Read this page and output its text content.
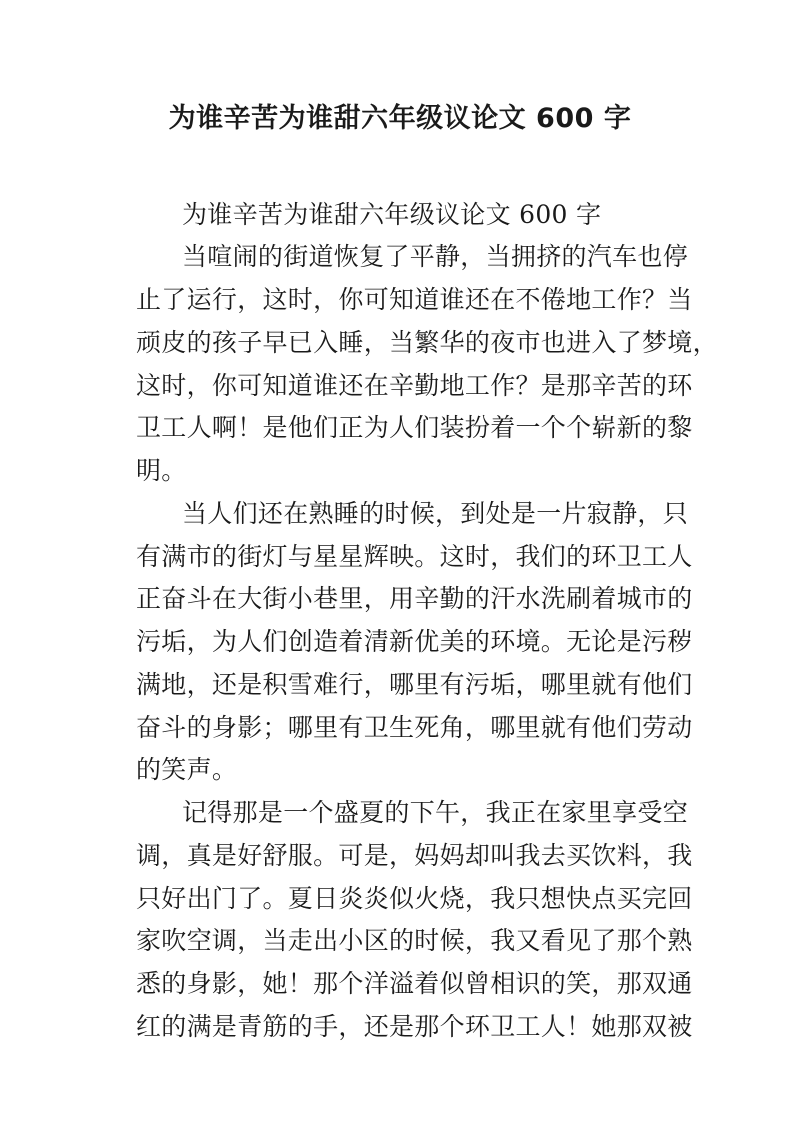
为谁辛苦为谁甜六年级议论文 600 字
为谁辛苦为谁甜六年级议论文 600 字
当喧闹的街道恢复了平静，当拥挤的汽车也停
止了运行，这时，你可知道谁还在不倦地工作？当
顽皮的孩子早已入睡，当繁华的夜市也进入了梦境，
这时，你可知道谁还在辛勤地工作？是那辛苦的环
卫工人啊！是他们正为人们装扮着一个个崭新的黎
明。
当人们还在熟睡的时候，到处是一片寂静，只
有满市的街灯与星星辉映。这时，我们的环卫工人
正奋斗在大街小巷里，用辛勤的汗水洗刷着城市的
污垢，为人们创造着清新优美的环境。无论是污秽
满地，还是积雪难行，哪里有污垢，哪里就有他们
奋斗的身影；哪里有卫生死角，哪里就有他们劳动
的笑声。
记得那是一个盛夏的下午，我正在家里享受空
调，真是好舒服。可是，妈妈却叫我去买饮料，我
只好出门了。夏日炎炎似火烧，我只想快点买完回
家吹空调，当走出小区的时候，我又看见了那个熟
悉的身影，她！那个洋溢着似曾相识的笑，那双通
红的满是青筋的手，还是那个环卫工人！她那双被
